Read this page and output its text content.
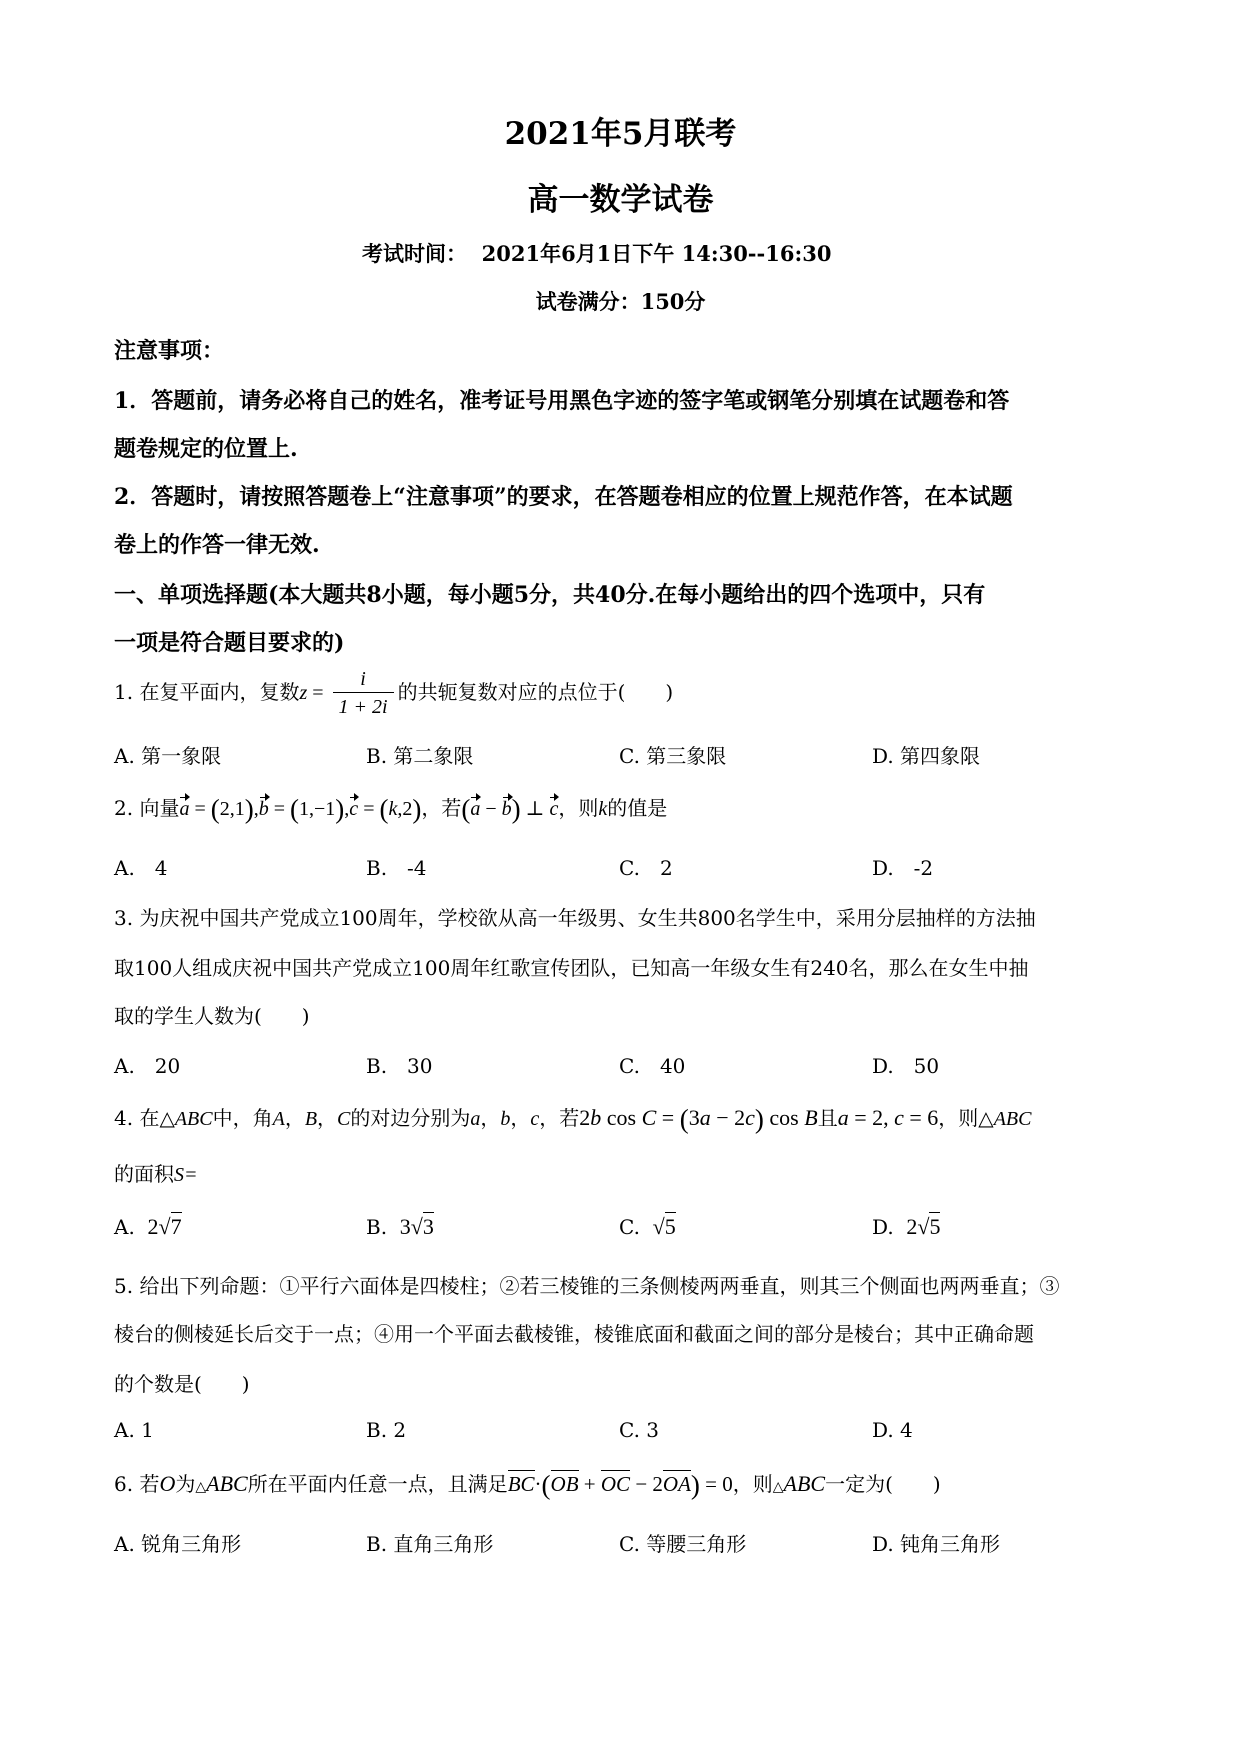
2021年5月联考
高一数学试卷
考试时间： 2021年6月1日下午 14:30--16:30
试卷满分：150分
注意事项：
1．答题前，请务必将自己的姓名，准考证号用黑色字迹的签字笔或钢笔分别填在试题卷和答
题卷规定的位置上.
2．答题时，请按照答题卷上“注意事项”的要求，在答题卷相应的位置上规范作答，在本试题
卷上的作答一律无效.
一、单项选择题(本大题共8小题，每小题5分，共40分.在每小题给出的四个选项中，只有
一项是符合题目要求的)
1. 在复平面内，复数$z = \frac{i}{1 + 2i}$ 的共轭复数对应的点位于(　　)
A. 第一象限	B. 第二象限	C. 第三象限	D. 第四象限
2. 向量a = (2,1),b = (1,−1),c = (k,2)，若(a − b) ⊥ c，则k的值是
A.　4	B.　-4	C.　2	D.　-2
3. 为庆祝中国共产党成立100周年，学校欲从高一年级男、女生共800名学生中，采用分层抽样的方法抽
取100人组成庆祝中国共产党成立100周年红歌宣传团队，已知高一年级女生有240名，那么在女生中抽
取的学生人数为(　　)
A.　20	B.　30	C.　40	D.　50
4. 在△ABC中，角A，B，C的对边分别为a，b，c，若2b cos C = (3a − 2c) cos B且a = 2, c = 6，则△ABC
的面积S=
A. 2√7	B. 3√3	C. √5	D. 2√5
5. 给出下列命题：①平行六面体是四棱柱；②若三棱锥的三条侧棱两两垂直，则其三个侧面也两两垂直；③
棱台的侧棱延长后交于一点；④用一个平面去截棱锥，棱锥底面和截面之间的部分是棱台；其中正确命题
的个数是(　　)
A. 1	B. 2	C. 3	D. 4
6. 若O为△ABC所在平面内任意一点，且满足BC·(OB + OC − 2OA) = 0，则△ABC一定为(　　)
A. 锐角三角形	B. 直角三角形	C. 等腰三角形	D. 钝角三角形
